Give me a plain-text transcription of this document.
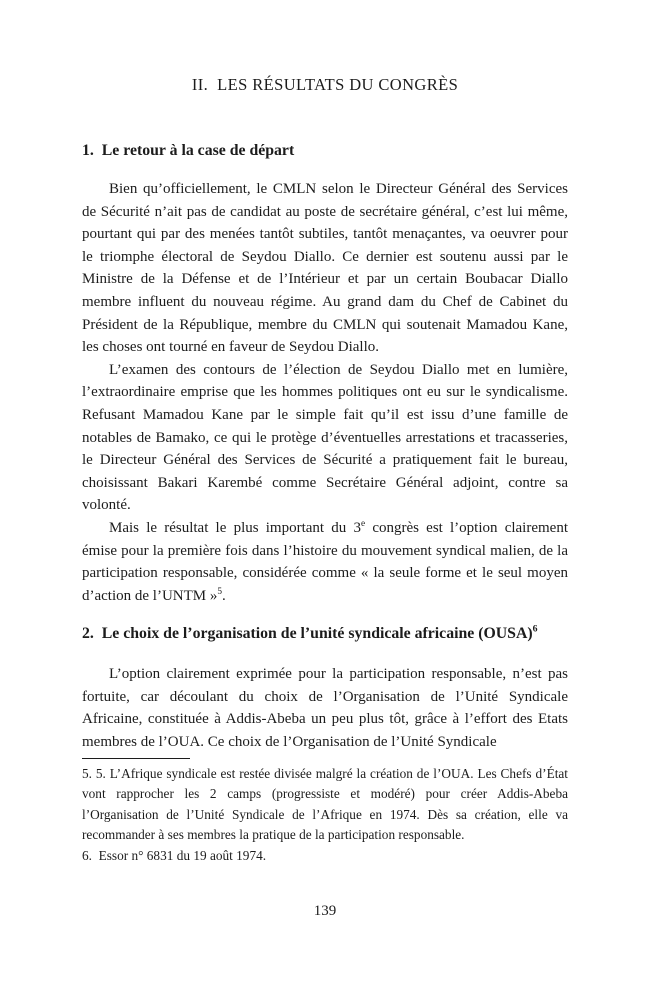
II.  LES RÉSULTATS DU CONGRÈS
1.  Le retour à la case de départ

Bien qu’officiellement, le CMLN selon le Directeur Général des Services de Sécurité n’ait pas de candidat au poste de secrétaire général, c’est lui même, pourtant qui par des menées tantôt subtiles, tantôt menaçantes, va oeuvrer pour le triomphe électoral de Seydou Diallo. Ce dernier est soutenu aussi par le Ministre de la Défense et de l’Intérieur et par un certain Boubacar Diallo membre influent du nouveau régime. Au grand dam du Chef de Cabinet du Président de la République, membre du CMLN qui soutenait Mamadou Kane, les choses ont tourné en faveur de Seydou Diallo.

L’examen des contours de l’élection de Seydou Diallo met en lumière, l’extraordinaire emprise que les hommes politiques ont eu sur le syndicalisme. Refusant Mamadou Kane par le simple fait qu’il est issu d’une famille de notables de Bamako, ce qui le protège d’éventuelles arrestations et tracasseries, le Directeur Général des Services de Sécurité a pratiquement fait le bureau, choisissant Bakari Karembé comme Secrétaire Général adjoint, contre sa volonté.

Mais le résultat le plus important du 3e congrès est l’option clairement émise pour la première fois dans l’histoire du mouvement syndical malien, de la participation responsable, considérée comme « la seule forme et le seul moyen d’action de l’UNTM »$^5$.

2.  Le choix de l’organisation de l’unité syndicale africaine (OUSA)$^6$

L’option clairement exprimée pour la participation responsable, n’est pas fortuite, car découlant du choix de l’Organisation de l’Unité Syndicale Africaine, constituée à Addis-Abeba un peu plus tôt, grâce à l’effort des Etats membres de l’OUA. Ce choix de l’Organisation de l’Unité Syndicale

5. 5. L’Afrique syndicale est restée divisée malgré la création de l’OUA. Les Chefs d’État vont rapprocher les 2 camps (progressiste et modéré) pour créer Addis-Abeba l’Organisation de l’Unité Syndicale de l’Afrique en 1974. Dès sa création, elle va recommander à ses membres la pratique de la participation responsable.

6.  Essor n° 6831 du 19 août 1974.

139
